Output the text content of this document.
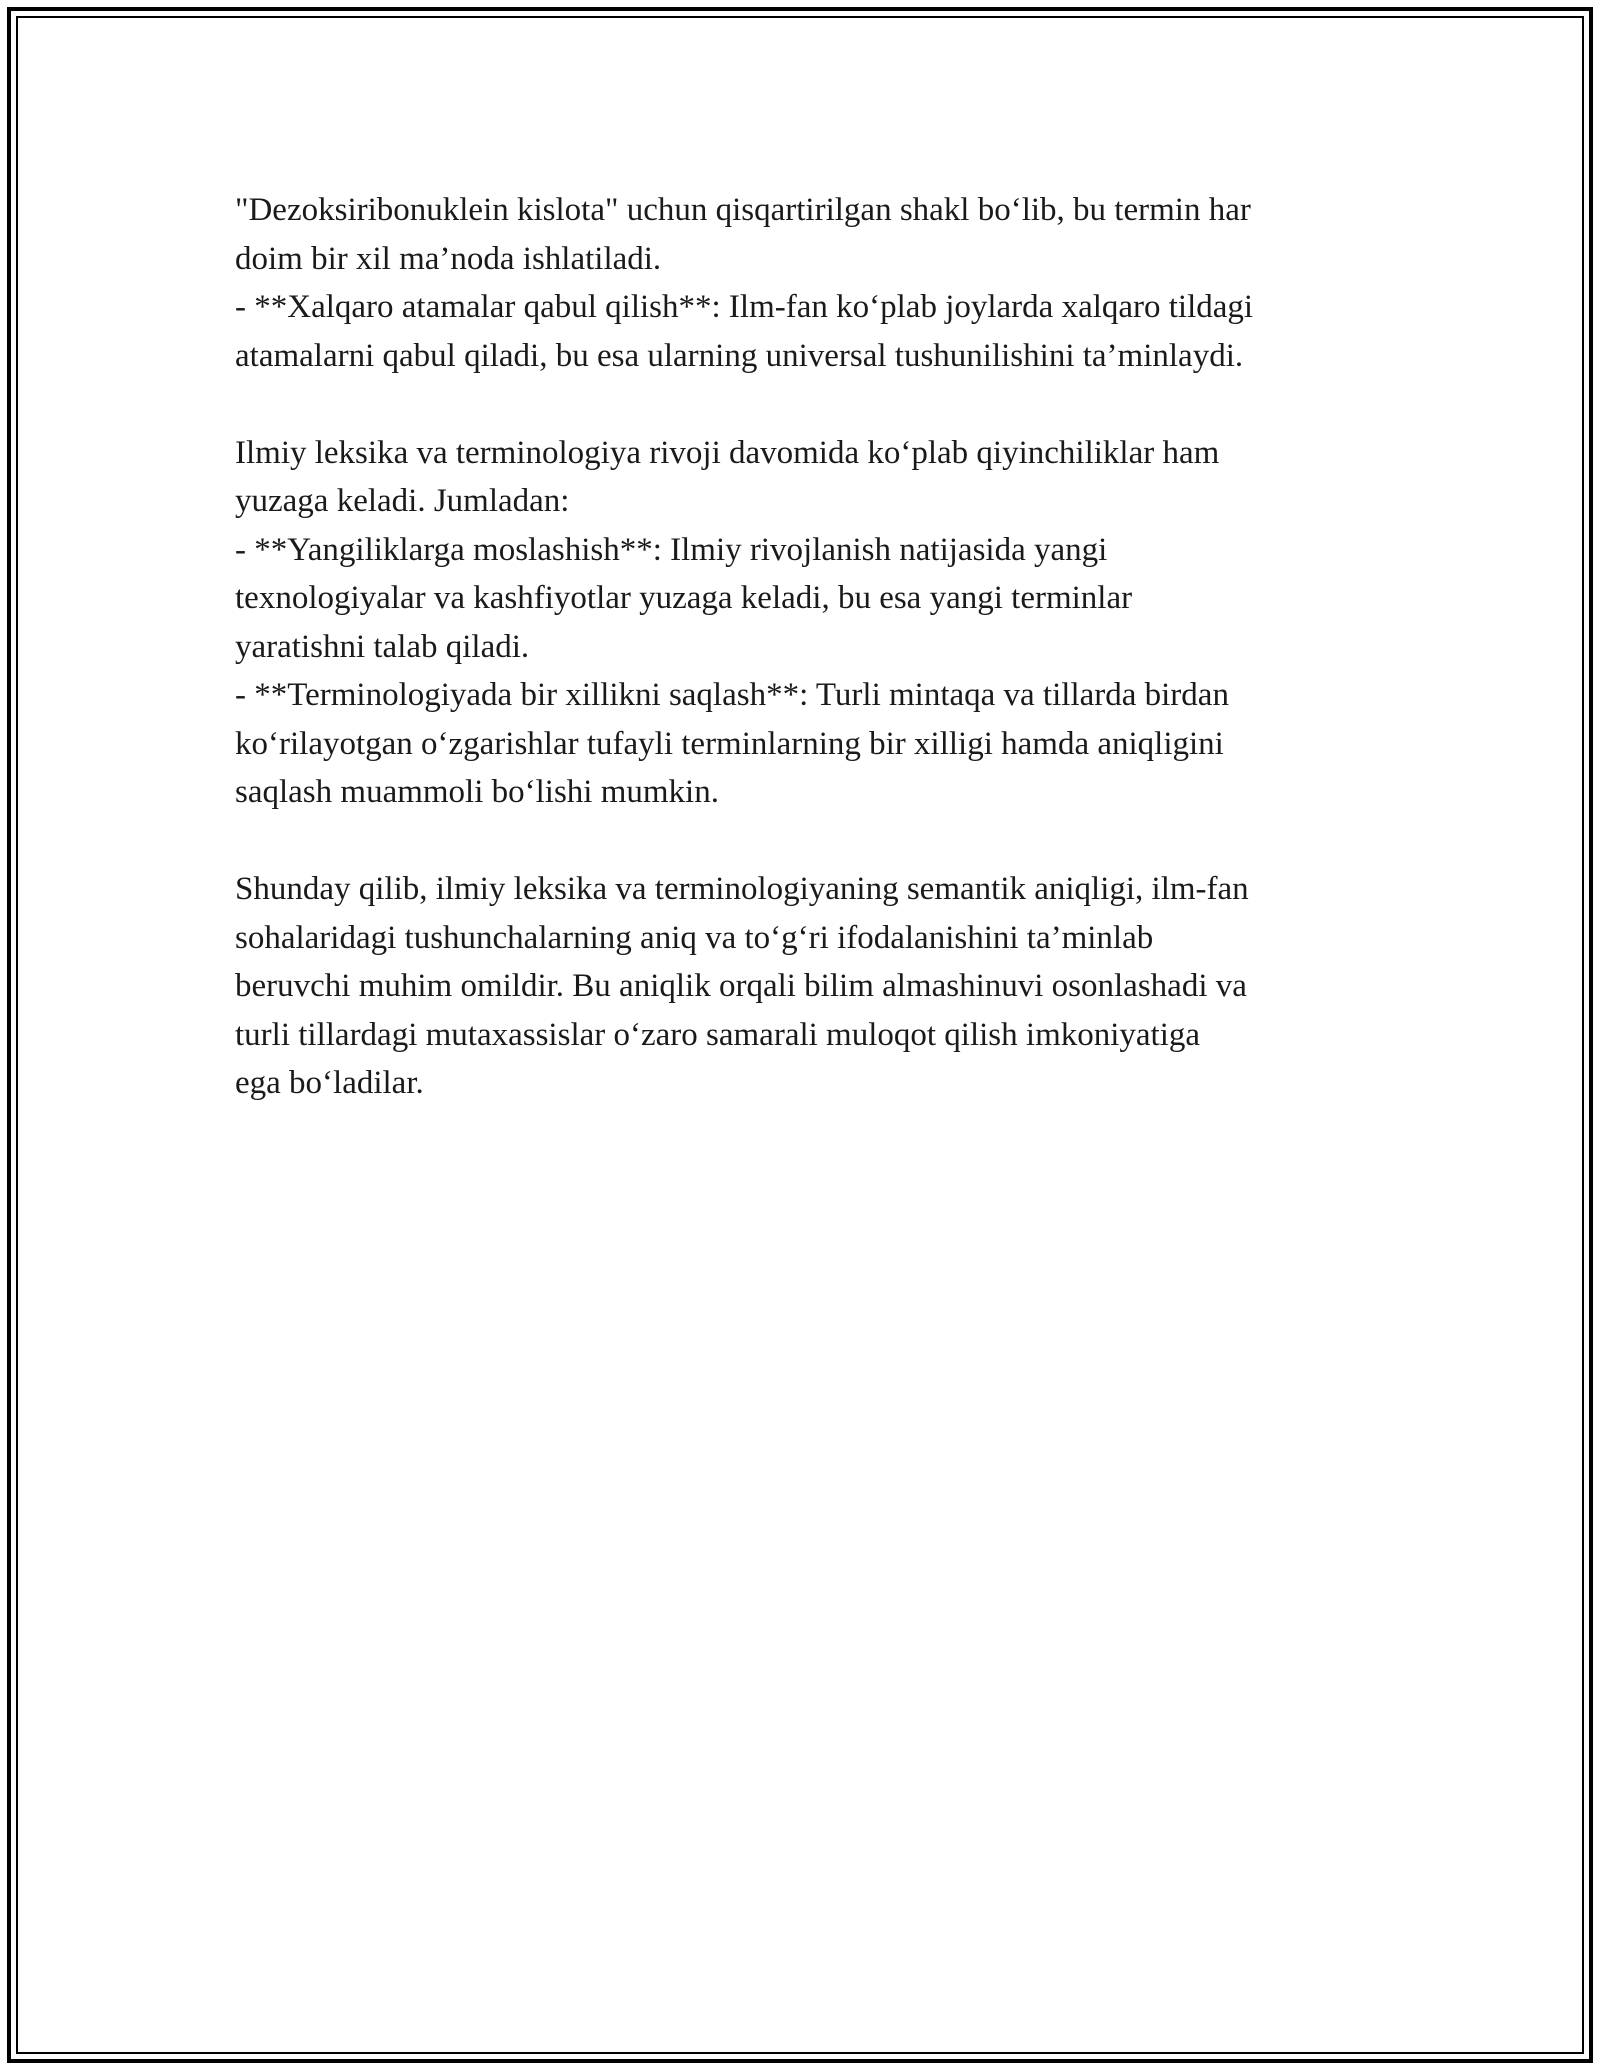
"Dezoksiribonuklein kislota" uchun qisqartirilgan shakl bo‘lib, bu termin har
doim bir xil ma’noda ishlatiladi.
- **Xalqaro atamalar qabul qilish**: Ilm-fan ko‘plab joylarda xalqaro tildagi
atamalarni qabul qiladi, bu esa ularning universal tushunilishini ta’minlaydi.

Ilmiy leksika va terminologiya rivoji davomida ko‘plab qiyinchiliklar ham
yuzaga keladi. Jumladan:
- **Yangiliklarga moslashish**: Ilmiy rivojlanish natijasida yangi
texnologiyalar va kashfiyotlar yuzaga keladi, bu esa yangi terminlar
yaratishni talab qiladi.
- **Terminologiyada bir xillikni saqlash**: Turli mintaqa va tillarda birdan
ko‘rilayotgan o‘zgarishlar tufayli terminlarning bir xilligi hamda aniqligini
saqlash muammoli bo‘lishi mumkin.

Shunday qilib, ilmiy leksika va terminologiyaning semantik aniqligi, ilm-fan
sohalaridagi tushunchalarning aniq va to‘g‘ri ifodalanishini ta’minlab
beruvchi muhim omildir. Bu aniqlik orqali bilim almashinuvi osonlashadi va
turli tillardagi mutaxassislar o‘zaro samarali muloqot qilish imkoniyatiga
ega bo‘ladilar.
